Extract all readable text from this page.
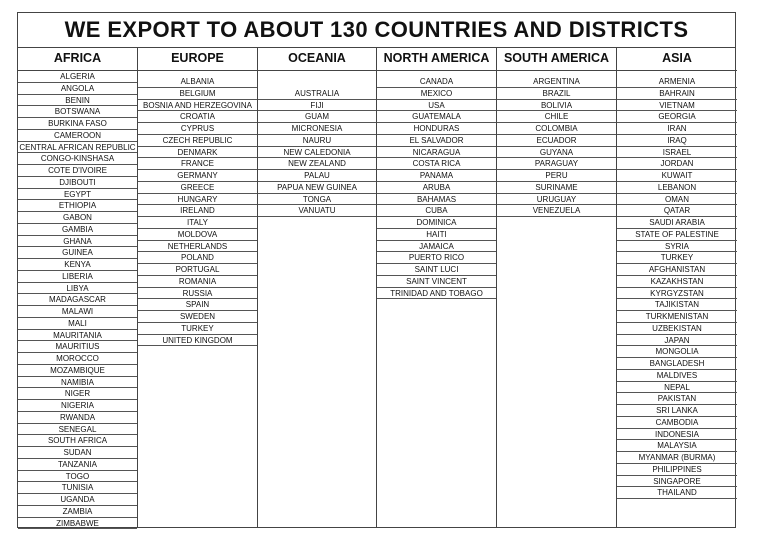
WE EXPORT TO ABOUT 130 COUNTRIES AND DISTRICTS
AFRICA
ALGERIA
ANGOLA
BENIN
BOTSWANA
BURKINA FASO
CAMEROON
CENTRAL AFRICAN REPUBLIC
CONGO-KINSHASA
COTE D'IVOIRE
DJIBOUTI
EGYPT
ETHIOPIA
GABON
GAMBIA
GHANA
GUINEA
KENYA
LIBERIA
LIBYA
MADAGASCAR
MALAWI
MALI
MAURITANIA
MAURITIUS
MOROCCO
MOZAMBIQUE
NAMIBIA
NIGER
NIGERIA
RWANDA
SENEGAL
SOUTH AFRICA
SUDAN
TANZANIA
TOGO
TUNISIA
UGANDA
ZAMBIA
ZIMBABWE
EUROPE
ALBANIA
BELGIUM
BOSNIA AND HERZEGOVINA
CROATIA
CYPRUS
CZECH REPUBLIC
DENMARK
FRANCE
GERMANY
GREECE
HUNGARY
IRELAND
ITALY
MOLDOVA
NETHERLANDS
POLAND
PORTUGAL
ROMANIA
RUSSIA
SPAIN
SWEDEN
TURKEY
UNITED KINGDOM
OCEANIA
AUSTRALIA
FIJI
GUAM
MICRONESIA
NAURU
NEW CALEDONIA
NEW ZEALAND
PALAU
PAPUA NEW GUINEA
TONGA
VANUATU
NORTH AMERICA
CANADA
MEXICO
USA
GUATEMALA
HONDURAS
EL SALVADOR
NICARAGUA
COSTA RICA
PANAMA
ARUBA
BAHAMAS
CUBA
DOMINICA
HAITI
JAMAICA
PUERTO RICO
SAINT LUCI
SAINT VINCENT
TRINIDAD AND TOBAGO
SOUTH AMERICA
ARGENTINA
BRAZIL
BOLIVIA
CHILE
COLOMBIA
ECUADOR
GUYANA
PARAGUAY
PERU
SURINAME
URUGUAY
VENEZUELA
ASIA
ARMENIA
BAHRAIN
VIETNAM
GEORGIA
IRAN
IRAQ
ISRAEL
JORDAN
KUWAIT
LEBANON
OMAN
QATAR
SAUDI ARABIA
STATE OF PALESTINE
SYRIA
TURKEY
AFGHANISTAN
KAZAKHSTAN
KYRGYZSTAN
TAJIKISTAN
TURKMENISTAN
UZBEKISTAN
JAPAN
MONGOLIA
BANGLADESH
MALDIVES
NEPAL
PAKISTAN
SRI LANKA
CAMBODIA
INDONESIA
MALAYSIA
MYANMAR (BURMA)
PHILIPPINES
SINGAPORE
THAILAND
